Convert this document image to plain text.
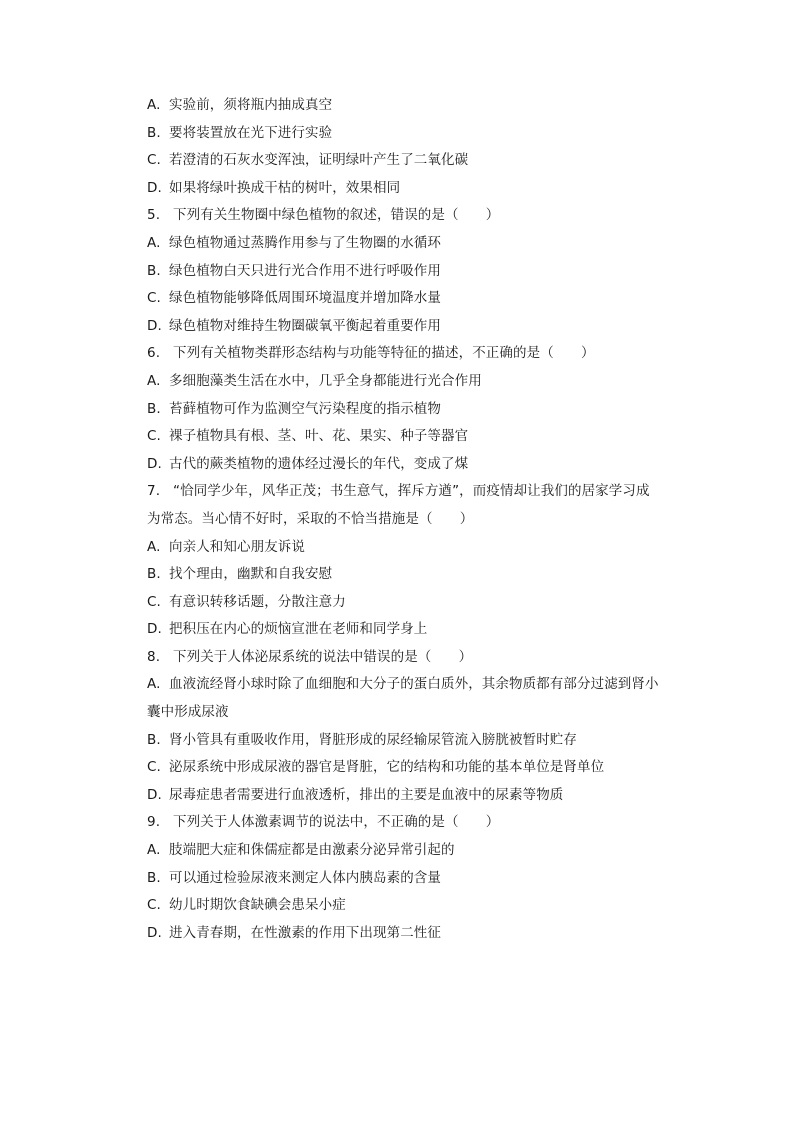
A. 实验前，须将瓶内抽成真空
B. 要将装置放在光下进行实验
C. 若澄清的石灰水变浑浊，证明绿叶产生了二氧化碳
D. 如果将绿叶换成干枯的树叶，效果相同
5. 下列有关生物圈中绿色植物的叙述，错误的是（　　）
A. 绿色植物通过蒸腾作用参与了生物圈的水循环
B. 绿色植物白天只进行光合作用不进行呼吸作用
C. 绿色植物能够降低周围环境温度并增加降水量
D. 绿色植物对维持生物圈碳氧平衡起着重要作用
6. 下列有关植物类群形态结构与功能等特征的描述，不正确的是（　　）
A. 多细胞藻类生活在水中，几乎全身都能进行光合作用
B. 苔藓植物可作为监测空气污染程度的指示植物
C. 裸子植物具有根、茎、叶、花、果实、种子等器官
D. 古代的蕨类植物的遗体经过漫长的年代，变成了煤
7. “恰同学少年，风华正茂；书生意气，挥斥方遒”，而疫情却让我们的居家学习成
为常态。当心情不好时，采取的不恰当措施是（　　）
A. 向亲人和知心朋友诉说
B. 找个理由，幽默和自我安慰
C. 有意识转移话题，分散注意力
D. 把积压在内心的烦恼宣泄在老师和同学身上
8. 下列关于人体泌尿系统的说法中错误的是（　　）
A. 血液流经肾小球时除了血细胞和大分子的蛋白质外，其余物质都有部分过滤到肾小
囊中形成尿液
B. 肾小管具有重吸收作用，肾脏形成的尿经输尿管流入膀胱被暂时贮存
C. 泌尿系统中形成尿液的器官是肾脏，它的结构和功能的基本单位是肾单位
D. 尿毒症患者需要进行血液透析，排出的主要是血液中的尿素等物质
9. 下列关于人体激素调节的说法中，不正确的是（　　）
A. 肢端肥大症和侏儒症都是由激素分泌异常引起的
B. 可以通过检验尿液来测定人体内胰岛素的含量
C. 幼儿时期饮食缺碘会患呆小症
D. 进入青春期，在性激素的作用下出现第二性征
